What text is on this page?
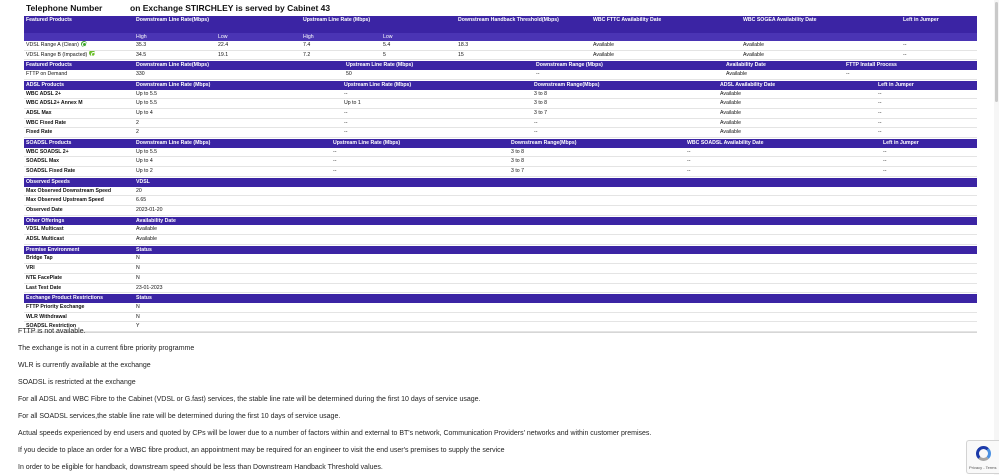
Telephone Number	on Exchange STIRCHLEY is served by Cabinet 43
Featured Products	Downstream Line Rate(Mbps)		Upstream Line Rate (Mbps)		Downstream Handback Threshold(Mbps)	WBC FTTC Availability Date	WBC SOGEA Availability Date	Left in Jumper
	High	Low	High	Low				
VDSL Range A (Clean)	35.3	22.4	7.4	5.4	18.3	Available	Available	--
VDSL Range B (Impacted)	34.5	19.1	7.2	5	15	Available	Available	--
Featured Products	Downstream Line Rate(Mbps)	Upstream Line Rate (Mbps)	Downstream Range (Mbps)	Availability Date	FTTP Install Process
FTTP on Demand	330	50	--	Available	--
ADSL Products	Downstream Line Rate (Mbps)	Upstream Line Rate (Mbps)	Downstream Range(Mbps)	ADSL Availability Date	Left in Jumper
WBC ADSL 2+	Up to 5.5	--	3 to 8	Available	--
WBC ADSL2+ Annex M	Up to 5.5	Up to 1	3 to 8	Available	--
ADSL Max	Up to 4	--	3 to 7	Available	--
WBC Fixed Rate	2	--	--	Available	--
Fixed Rate	2	--	--	Available	--
SOADSL Products	Downstream Line Rate (Mbps)	Upstream Line Rate (Mbps)	Downstream Range(Mbps)	WBC SOADSL Availability Date	Left in Jumper
WBC SOADSL 2+	Up to 5.5	--	3 to 8	--	--
SOADSL Max	Up to 4	--	3 to 8	--	--
SOADSL Fixed Rate	Up to 2	--	3 to 7	--	--
Observed Speeds	VDSL
Max Observed Downstream Speed	20
Max Observed Upstream Speed	6.65
Observed Date	2023-01-20
Other Offerings	Availability Date
VDSL Multicast	Available
ADSL Multicast	Available
Premise Environment	Status
Bridge Tap	N
VRI	N
NTE FacePlate	N
Last Test Date	23-01-2023
Exchange Product Restrictions	Status
FTTP Priority Exchange	N
WLR Withdrawal	N
SOADSL Restriction	Y

FTTP is not available.

The exchange is not in a current fibre priority programme

WLR is currently available at the exchange

SOADSL is restricted at the exchange

For all ADSL and WBC Fibre to the Cabinet (VDSL or G.fast) services, the stable line rate will be determined during the first 10 days of service usage.

For all SOADSL services,the stable line rate will be determined during the first 10 days of service usage.

Actual speeds experienced by end users and quoted by CPs will be lower due to a number of factors within and external to BT's network, Communication Providers' networks and within customer premises.

If you decide to place an order for a WBC fibre product, an appointment may be required for an engineer to visit the end user's premises to supply the service

In order to be eligible for handback, downstream speed should be less than Downstream Handback Threshold values.	Privacy - Terms
